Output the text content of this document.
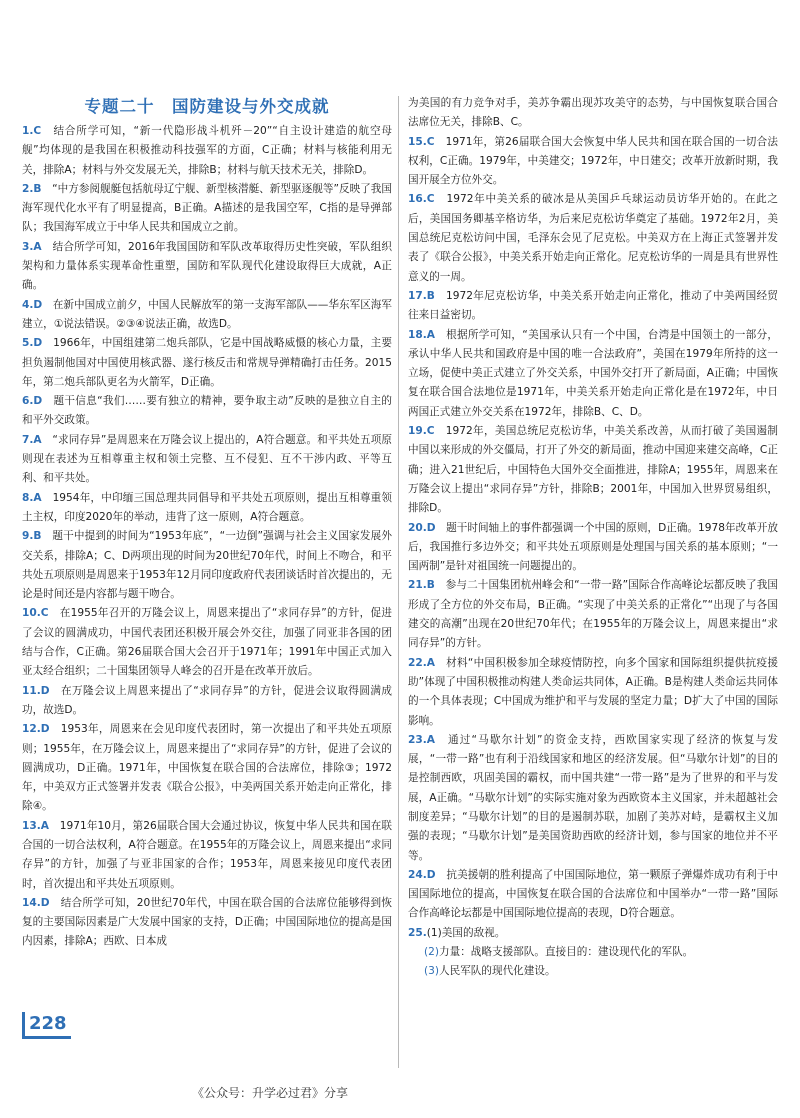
专题二十　国防建设与外交成就
1.C　结合所学可知，“新一代隐形战斗机歼－20”“自主设计建造的航空母舰”均体现的是我国在积极推动科技强军的方面，C正确；材料与核能利用无关，排除A；材料与外交发展无关，排除B；材料与航天技术无关，排除D。
2.B　“中方参阅舰艇包括航母辽宁舰、新型核潜艇、新型驱逐舰等”反映了我国海军现代化水平有了明显提高，B正确。A描述的是我国空军，C指的是导弹部队；我国海军成立于中华人民共和国成立之前。
3.A　结合所学可知，2016年我国国防和军队改革取得历史性突破，军队组织架构和力量体系实现革命性重塑，国防和军队现代化建设取得巨大成就，A正确。
4.D　在新中国成立前夕，中国人民解放军的第一支海军部队——华东军区海军建立，①说法错误。②③④说法正确，故选D。
5.D　1966年，中国组建第二炮兵部队，它是中国战略威慑的核心力量，主要担负遏制他国对中国使用核武器、遂行核反击和常规导弹精确打击任务。2015年，第二炮兵部队更名为火箭军，D正确。
6.D　题干信息“我们……要有独立的精神，要争取主动”反映的是独立自主的和平外交政策。
7.A　“求同存异”是周恩来在万隆会议上提出的，A符合题意。和平共处五项原则现在表述为互相尊重主权和领土完整、互不侵犯、互不干涉内政、平等互利、和平共处。
8.A　1954年，中印缅三国总理共同倡导和平共处五项原则，提出互相尊重领土主权，印度2020年的举动，违背了这一原则，A符合题意。
9.B　题干中提到的时间为“1953年底”，“一边倒”强调与社会主义国家发展外交关系，排除A；C、D两项出现的时间为20世纪70年代，时间上不吻合，和平共处五项原则是周恩来于1953年12月同印度政府代表团谈话时首次提出的，无论是时间还是内容都与题干吻合。
10.C　在1955年召开的万隆会议上，周恩来提出了“求同存异”的方针，促进了会议的圆满成功，中国代表团还积极开展会外交往，加强了同亚非各国的团结与合作，C正确。第26届联合国大会召开于1971年；1991年中国正式加入亚太经合组织；二十国集团领导人峰会的召开是在改革开放后。
11.D　在万隆会议上周恩来提出了“求同存异”的方针，促进会议取得圆满成功，故选D。
12.D　1953年，周恩来在会见印度代表团时，第一次提出了和平共处五项原则；1955年，在万隆会议上，周恩来提出了“求同存异”的方针，促进了会议的圆满成功，D正确。1971年，中国恢复在联合国的合法席位，排除③；1972年，中美双方正式签署并发表《联合公报》，中美两国关系开始走向正常化，排除④。
13.A　1971年10月，第26届联合国大会通过协议，恢复中华人民共和国在联合国的一切合法权利，A符合题意。在1955年的万隆会议上，周恩来提出“求同存异”的方针，加强了与亚非国家的合作；1953年，周恩来接见印度代表团时，首次提出和平共处五项原则。
14.D　结合所学可知，20世纪70年代，中国在联合国的合法席位能够得到恢复的主要国际因素是广大发展中国家的支持，D正确；中国国际地位的提高是国内因素，排除A；西欧、日本成
为美国的有力竞争对手，美苏争霸出现苏攻美守的态势，与中国恢复联合国合法席位无关，排除B、C。
15.C　1971年，第26届联合国大会恢复中华人民共和国在联合国的一切合法权利，C正确。1979年，中美建交；1972年，中日建交；改革开放新时期，我国开展全方位外交。
16.C　1972年中美关系的破冰是从美国乒乓球运动员访华开始的。在此之后，美国国务卿基辛格访华，为后来尼克松访华奠定了基础。1972年2月，美国总统尼克松访问中国，毛泽东会见了尼克松。中美双方在上海正式签署并发表了《联合公报》，中美关系开始走向正常化。尼克松访华的一周是具有世界性意义的一周。
17.B　1972年尼克松访华，中美关系开始走向正常化，推动了中美两国经贸往来日益密切。
18.A　根据所学可知，“美国承认只有一个中国，台湾是中国领土的一部分，承认中华人民共和国政府是中国的唯一合法政府”，美国在1979年所持的这一立场，促使中美正式建立了外交关系，中国外交打开了新局面，A正确；中国恢复在联合国合法地位是1971年，中美关系开始走向正常化是在1972年，中日两国正式建立外交关系在1972年，排除B、C、D。
19.C　1972年，美国总统尼克松访华，中美关系改善，从而打破了美国遏制中国以来形成的外交僵局，打开了外交的新局面，推动中国迎来建交高峰，C正确；进入21世纪后，中国特色大国外交全面推进，排除A；1955年，周恩来在万隆会议上提出“求同存异”方针，排除B；2001年，中国加入世界贸易组织，排除D。
20.D　题干时间轴上的事件都强调一个中国的原则，D正确。1978年改革开放后，我国推行多边外交；和平共处五项原则是处理国与国关系的基本原则；“一国两制”是针对祖国统一问题提出的。
21.B　参与二十国集团杭州峰会和“一带一路”国际合作高峰论坛都反映了我国形成了全方位的外交布局，B正确。“实现了中美关系的正常化”“出现了与各国建交的高潮”出现在20世纪70年代；在1955年的万隆会议上，周恩来提出“求同存异”的方针。
22.A　材料“中国积极参加全球疫情防控，向多个国家和国际组织提供抗疫援助”体现了中国积极推动构建人类命运共同体，A正确。B是构建人类命运共同体的一个具体表现；C中国成为维护和平与发展的坚定力量；D扩大了中国的国际影响。
23.A　通过“马歇尔计划”的资金支持，西欧国家实现了经济的恢复与发展，“一带一路”也有利于沿线国家和地区的经济发展。但“马歇尔计划”的目的是控制西欧，巩固美国的霸权，而中国共建“一带一路”是为了世界的和平与发展，A正确。“马歇尔计划”的实际实施对象为西欧资本主义国家，并未超越社会制度差异；“马歇尔计划”的目的是遏制苏联，加剧了美苏对峙，是霸权主义加强的表现；“马歇尔计划”是美国资助西欧的经济计划，参与国家的地位并不平等。
24.D　抗美援朝的胜利提高了中国国际地位，第一颗原子弹爆炸成功有利于中国国际地位的提高，中国恢复在联合国的合法席位和中国举办“一带一路”国际合作高峰论坛都是中国国际地位提高的表现，D符合题意。
25.(1)美国的敌视。
(2)力量：战略支援部队。直接目的：建设现代化的军队。
(3)人民军队的现代化建设。
228
《公众号：升学必过君》分享
